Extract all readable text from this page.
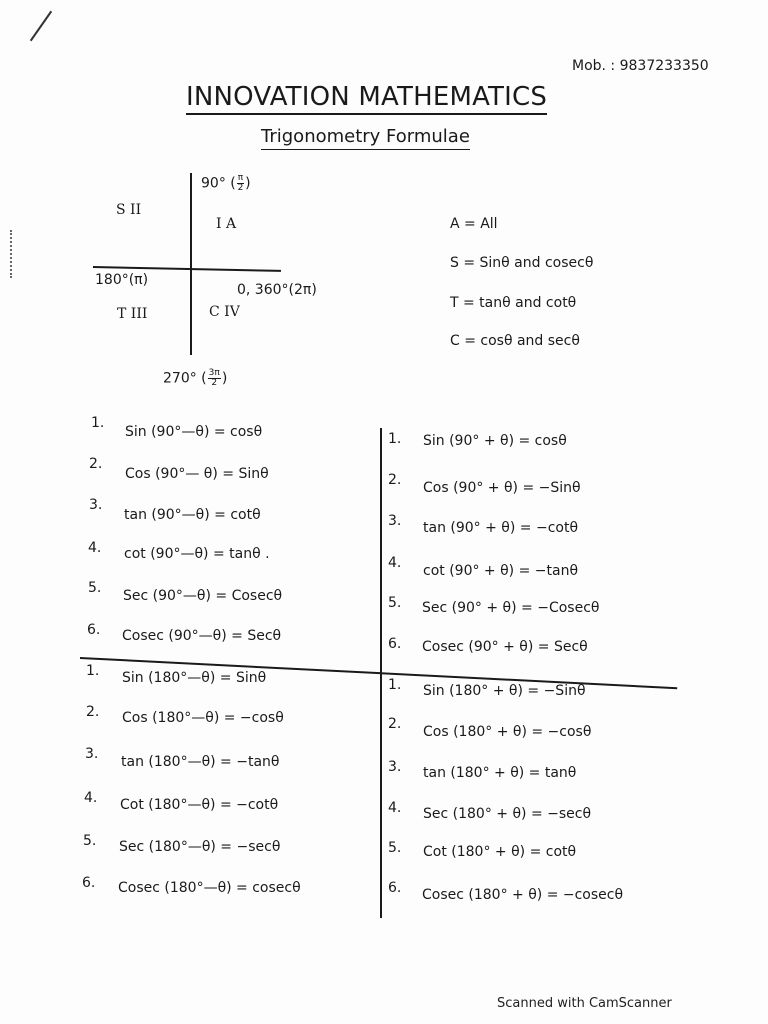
Mob. : 9837233350
INNOVATION MATHEMATICS
Trigonometry Formulae
90° ( $\frac{\pi}{2}$ )
S II
I A
180°(π)
0, 360°(2π)
T III	C IV
270° ( $\frac{3\pi}{2}$ )
A = All
S = Sinθ and cosecθ
T = tanθ and cotθ
C = cosθ and secθ
1.
Sin (90°—θ) = cosθ
2.
Cos (90°— θ) = Sinθ
3.
tan (90°—θ) = cotθ
4. cot (90°—θ) = tanθ .
5. Sec (90°—θ) = Cosecθ
6. Cosec (90°—θ) = Secθ
1. Sin (90° + θ) = cosθ
2. Cos (90° + θ) = −Sinθ
3. tan (90° + θ) = −cotθ
4. cot (90° + θ) = −tanθ
5. Sec (90° + θ) = −Cosecθ
6. Cosec (90° + θ) = Secθ
1. Sin (180°—θ) = Sinθ
2. Cos (180°—θ) = −cosθ
3. tan (180°—θ) = −tanθ
4. Cot (180°—θ) = −cotθ
5. Sec (180°—θ) = −secθ
6. Cosec (180°—θ) = cosecθ
1. Sin (180° + θ) = −Sinθ
2. Cos (180° + θ) = −cosθ
3. tan (180° + θ) = tanθ
4. Sec (180° + θ) = −secθ
5. Cot (180° + θ) = cotθ
6. Cosec (180° + θ) = −cosecθ
Scanned with CamScanner
